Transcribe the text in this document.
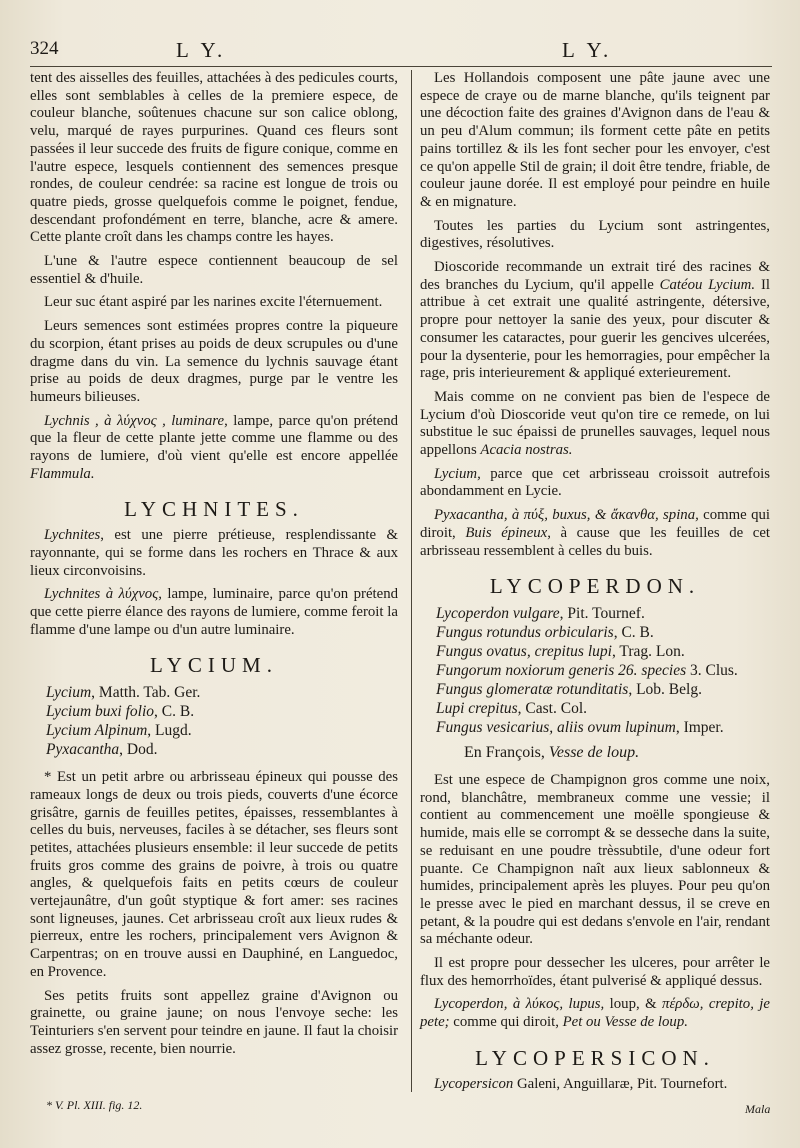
324	L Y.	L Y.

tent des aisselles des feuilles, attachées à des pedicules courts, elles sont semblables à celles de la premiere espece, de couleur blanche, soûtenues chacune sur son calice oblong, velu, marqué de rayes purpurines. Quand ces fleurs sont passées il leur succede des fruits de figure conique, comme en l'autre espece, lesquels contiennent des semences presque rondes, de couleur cendrée: sa racine est longue de trois ou quatre pieds, grosse quelquefois comme le poignet, fendue, descendant profondément en terre, blanche, acre & amere. Cette plante croît dans les champs contre les hayes.

L'une & l'autre espece contiennent beaucoup de sel essentiel & d'huile.

Leur suc étant aspiré par les narines excite l'éternuement.

Leurs semences sont estimées propres contre la piqueure du scorpion, étant prises au poids de deux scrupules ou d'une dragme dans du vin. La semence du lychnis sauvage étant prise au poids de deux dragmes, purge par le ventre les humeurs bilieuses.

Lychnis , à λύχνος , luminare, lampe, parce qu'on prétend que la fleur de cette plante jette comme une flamme ou des rayons de lumiere, d'où vient qu'elle est encore appellée Flammula.

LYCHNITES.

Lychnites, est une pierre prétieuse, resplendissante & rayonnante, qui se forme dans les rochers en Thrace & aux lieux circonvoisins.

Lychnites à λύχνος, lampe, luminaire, parce qu'on prétend que cette pierre élance des rayons de lumiere, comme feroit la flamme d'une lampe ou d'un autre luminaire.

LYCIUM.
Lycium, Matth. Tab. Ger.
Lycium buxi folio, C. B.
Lycium Alpinum, Lugd.
Pyxacantha, Dod.

* Est un petit arbre ou arbrisseau épineux qui pousse des rameaux longs de deux ou trois pieds, couverts d'une écorce grisâtre, garnis de feuilles petites, épaisses, ressemblantes à celles du buis, nerveuses, faciles à se détacher, ses fleurs sont petites, attachées plusieurs ensemble: il leur succede de petits fruits gros comme des grains de poivre, à trois ou quatre angles, & quelquefois faits en petits cœurs de couleur vertejaunâtre, d'un goût styptique & fort amer: ses racines sont ligneuses, jaunes. Cet arbrisseau croît aux lieux rudes & pierreux, entre les rochers, principalement vers Avignon & Carpentras; on en trouve aussi en Dauphiné, en Languedoc, en Provence.

Ses petits fruits sont appellez graine d'Avignon ou grainette, ou graine jaune; on nous l'envoye seche: les Teinturiers s'en servent pour teindre en jaune. Il faut la choisir assez grosse, recente, bien nourrie.

Les Hollandois composent une pâte jaune avec une espece de craye ou de marne blanche, qu'ils teignent par une décoction faite des graines d'Avignon dans de l'eau & un peu d'Alum commun; ils forment cette pâte en petits pains tortillez & ils les font secher pour les envoyer, c'est ce qu'on appelle Stil de grain; il doit être tendre, friable, de couleur jaune dorée. Il est employé pour peindre en huile & en mignature.

Toutes les parties du Lycium sont astringentes, digestives, résolutives.

Dioscoride recommande un extrait tiré des racines & des branches du Lycium, qu'il appelle Catéou Lycium. Il attribue à cet extrait une qualité astringente, détersive, propre pour nettoyer la sanie des yeux, pour discuter & consumer les cataractes, pour guerir les gencives ulcerées, pour la dysenterie, pour les hemorragies, pour empêcher la rage, pris interieurement & appliqué exterieurement.

Mais comme on ne convient pas bien de l'espece de Lycium d'où Dioscoride veut qu'on tire ce remede, on lui substitue le suc épaissi de prunelles sauvages, lequel nous appellons Acacia nostras.

Lycium, parce que cet arbrisseau croissoit autrefois abondamment en Lycie.

Pyxacantha, à πύξ, buxus, & ἄκανθα, spina, comme qui diroit, Buis épineux, à cause que les feuilles de cet arbrisseau ressemblent à celles du buis.

LYCOPERDON.
Lycoperdon vulgare, Pit. Tournef.
Fungus rotundus orbicularis, C. B.
Fungus ovatus, crepitus lupi, Trag. Lon.
Fungorum noxiorum generis 26. species 3. Clus.
Fungus glomeratæ rotunditatis, Lob. Belg.
Lupi crepitus, Cast. Col.
Fungus vesicarius, aliis ovum lupinum, Imper.
En François, Vesse de loup.

Est une espece de Champignon gros comme une noix, rond, blanchâtre, membraneux comme une vessie; il contient au commencement une moëlle spongieuse & humide, mais elle se corrompt & se desseche dans la suite, se reduisant en une poudre trèssubtile, d'une odeur fort puante. Ce Champignon naît aux lieux sablonneux & humides, principalement après les pluyes. Pour peu qu'on le presse avec le pied en marchant dessus, il se creve en petant, & la poudre qui est dedans s'envole en l'air, rendant sa méchante odeur.

Il est propre pour dessecher les ulceres, pour arrêter le flux des hemorrhoïdes, étant pulverisé & appliqué dessus.

Lycoperdon, à λύκος, lupus, loup, & πέρδω, crepito, je pete; comme qui diroit, Pet ou Vesse de loup.

LYCOPERSICON.

Lycopersicon Galeni, Anguillaræ, Pit. Tournefort.

* V. Pl. XIII. fig. 12.	Mala
